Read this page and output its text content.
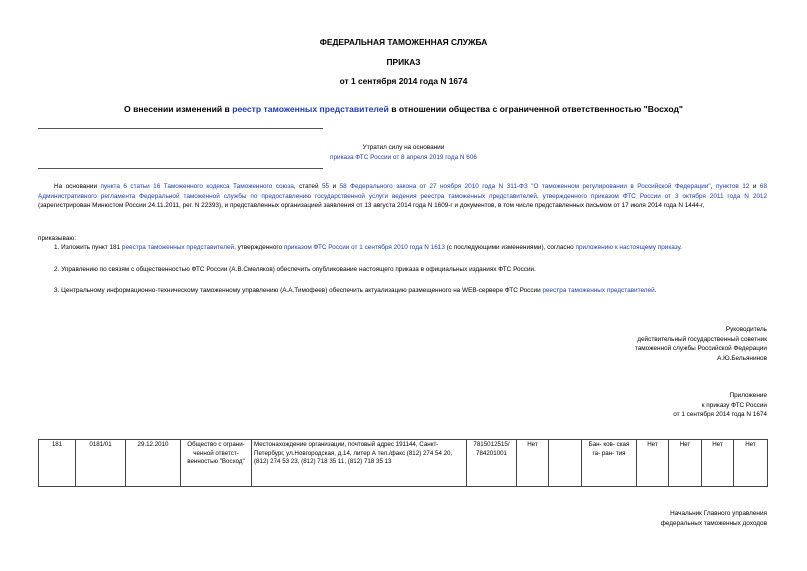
ФЕДЕРАЛЬНАЯ ТАМОЖЕННАЯ СЛУЖБА
ПРИКАЗ
от 1 сентября 2014 года N 1674
О внесении изменений в реестр таможенных представителей в отношении общества с ограниченной ответственностью "Восход"
Утратил силу на основании
приказа ФТС России от 8 апреля 2019 года N 606
На основании пункта 6 статьи 16 Таможенного кодекса Таможенного союза, статей 55 и 58 Федерального закона от 27 ноября 2010 года N 311-ФЗ "О таможенном регулировании в Российской Федерации", пунктов 12 и 68 Административного регламента Федеральной таможенной службы по предоставлению государственной услуги ведения реестра таможенных представителей, утвержденного приказом ФТС России от 3 октября 2011 года N 2012 (зарегистрирован Минюстом России 24.11.2011, рег. N 22393), и представленных организацией заявления от 13 августа 2014 года N 1609-г и документов, в том числе представленных письмом от 17 июля 2014 года N 1444-г,
приказываю:
1. Изложить пункт 181 реестра таможенных представителей, утвержденного приказом ФТС России от 1 сентября 2010 года N 1613 (с последующими изменениями), согласно приложению к настоящему приказу.
2. Управлению по связям с общественностью ФТС России (А.В.Смеляков) обеспечить опубликование настоящего приказа в официальных изданиях ФТС России.
3. Центральному информационно-техническому таможенному управлению (А.А.Тимофеев) обеспечить актуализацию размещенного на WEB-сервере ФТС России реестра таможенных представителей.
Руководитель
действительный государственный советник
таможенной службы Российской Федерации
А.Ю.Бельянинов
Приложение
к приказу ФТС России
от 1 сентября 2014 года N 1674
181	0181/01	29.12.2010	Общество с ограни- ченной ответст- венностью "Восход"	Местонахождение организации, почтовый адрес 191144, Санкт- Петербург, ул.Новгородская, д.14, литер А тел./факс (812) 274 54 20, (812) 274 53 23, (812) 718 35 11, (812) 718 35 13	7815012515/ 784201001	Нет		Бан- ков- ская га- ран- тия	Нет	Нет	Нет	Нет
Начальник Главного управления
федеральных таможенных доходов
